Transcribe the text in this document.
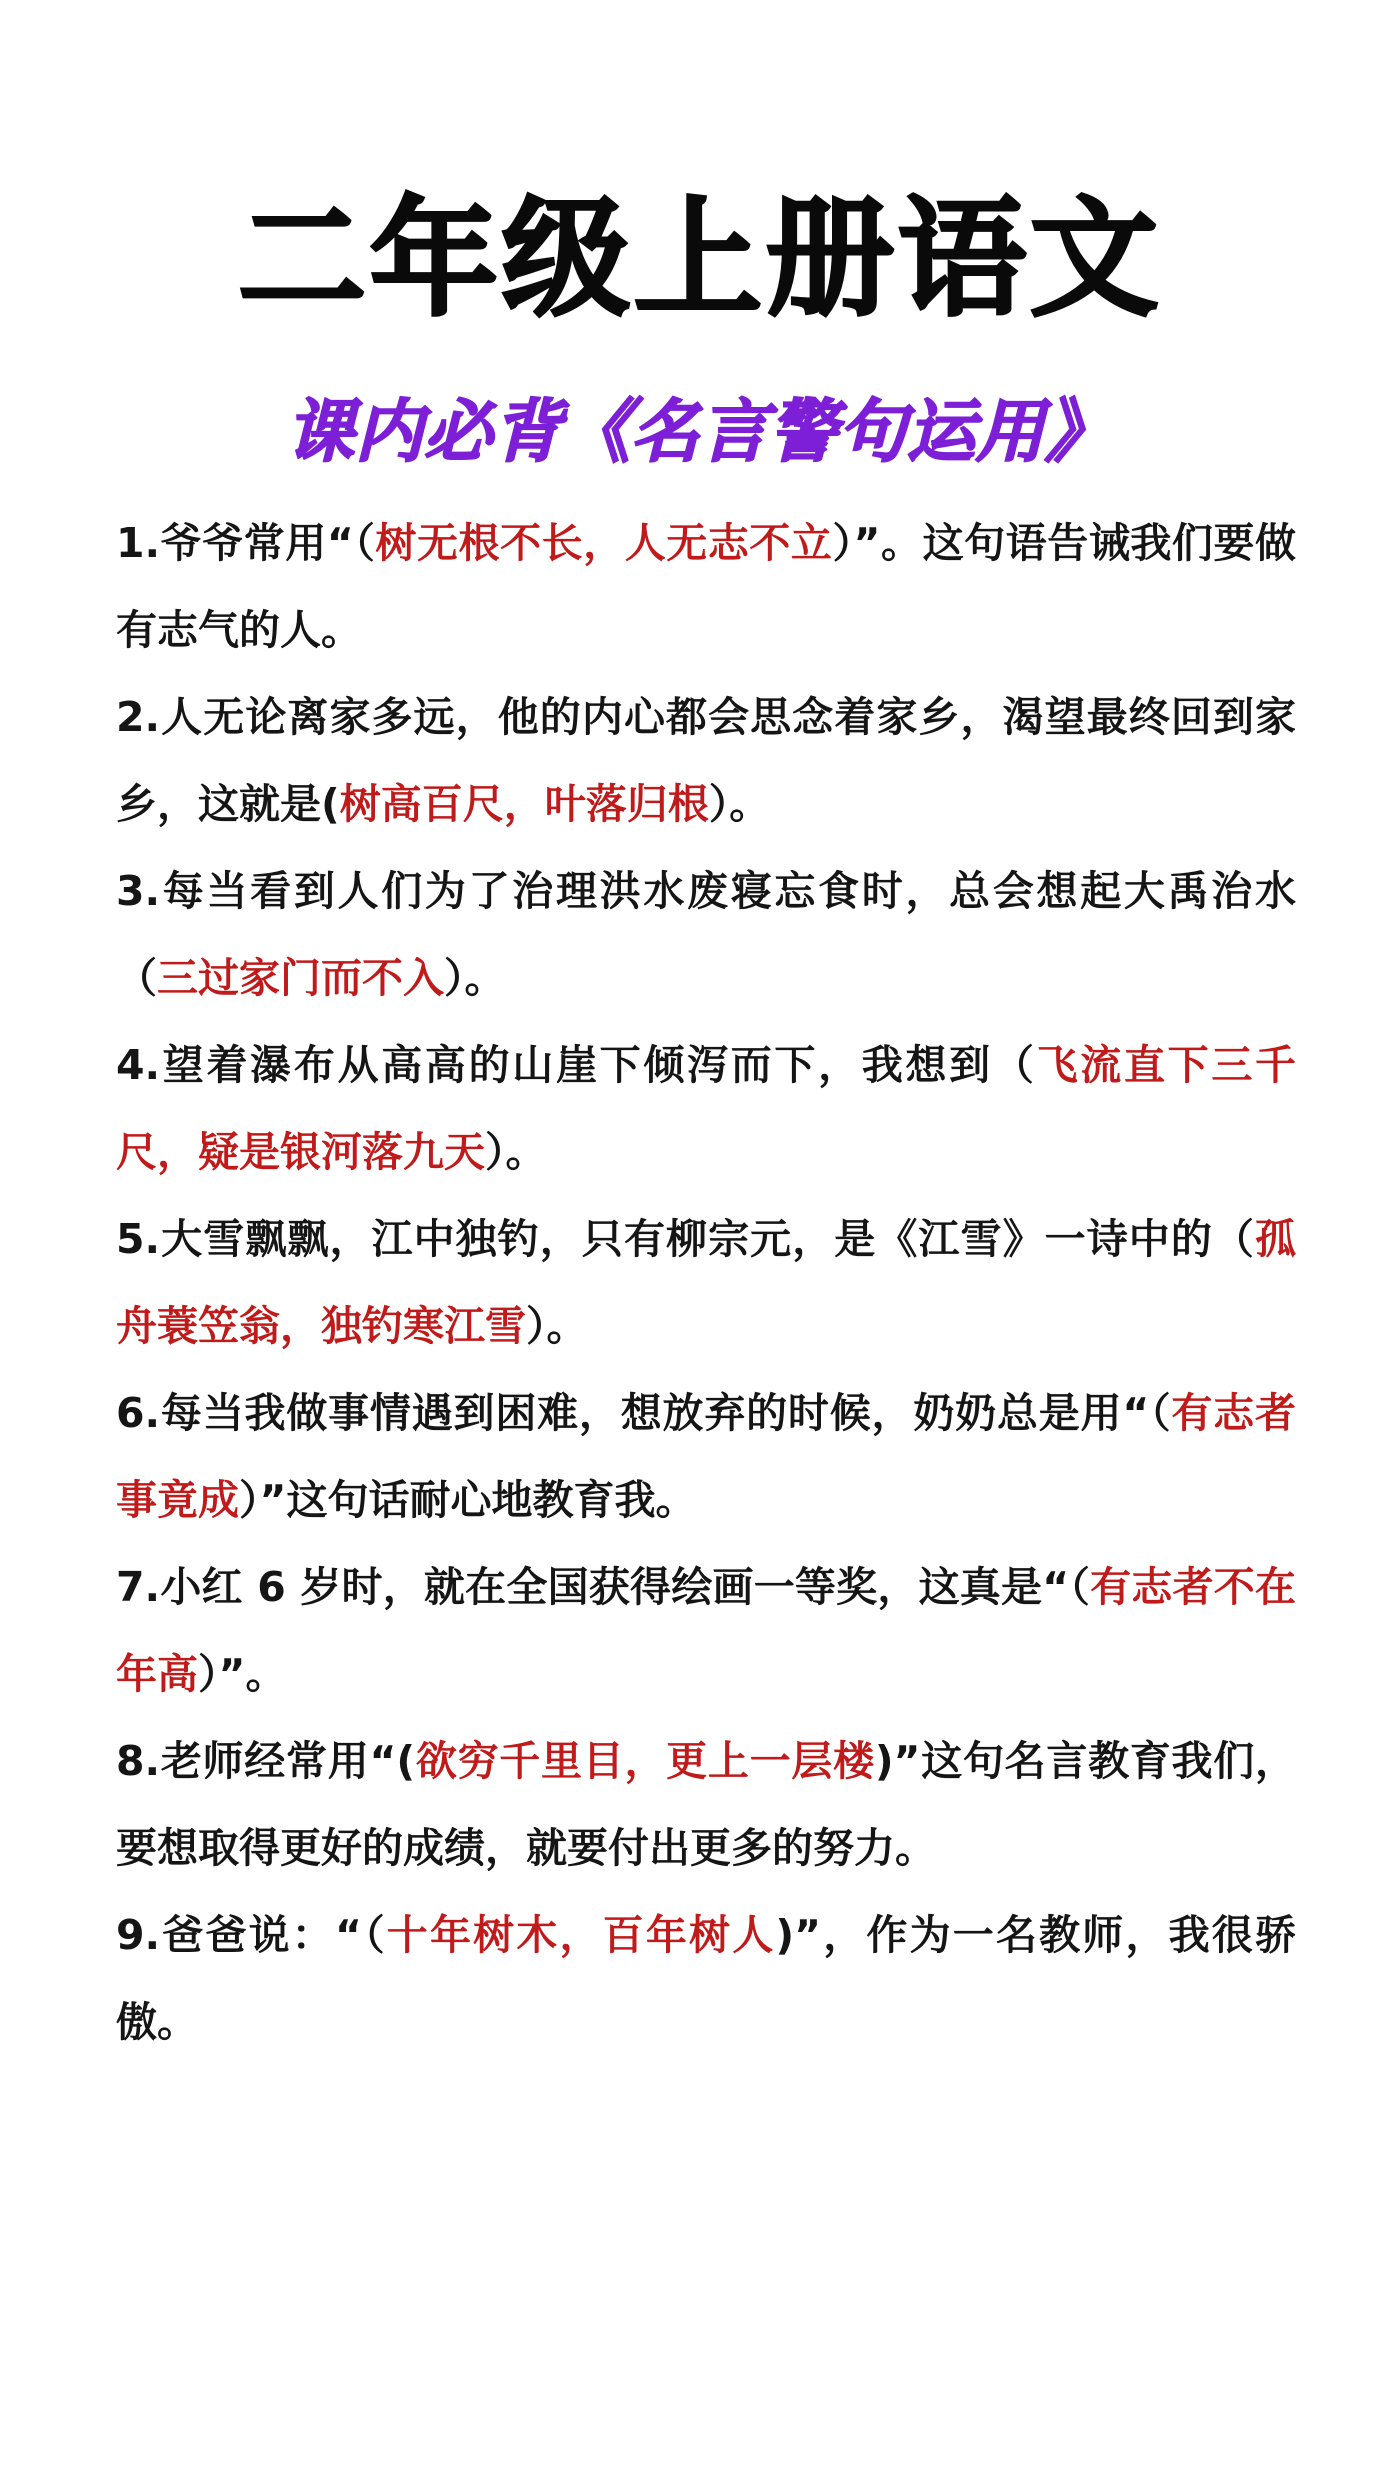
二年级上册语文
课内必背《名言警句运用》

1.爷爷常用“（树无根不长，人无志不立）”。这句语告诫我们要做有志气的人。

2.人无论离家多远，他的内心都会思念着家乡，渴望最终回到家乡，这就是(树高百尺，叶落归根）。

3.每当看到人们为了治理洪水废寝忘食时，总会想起大禹治水（三过家门而不入）。

4.望着瀑布从高高的山崖下倾泻而下，我想到（飞流直下三千尺，疑是银河落九天）。

5.大雪飘飘，江中独钓，只有柳宗元，是《江雪》一诗中的（孤舟蓑笠翁，独钓寒江雪）。

6.每当我做事情遇到困难，想放弃的时候，奶奶总是用“（有志者事竟成）”这句话耐心地教育我。

7.小红 6 岁时，就在全国获得绘画一等奖，这真是“（有志者不在年高）”。

8.老师经常用“(欲穷千里目，更上一层楼)”这句名言教育我们，要想取得更好的成绩，就要付出更多的努力。

9.爸爸说：“（十年树木，百年树人)”，作为一名教师，我很骄傲。
